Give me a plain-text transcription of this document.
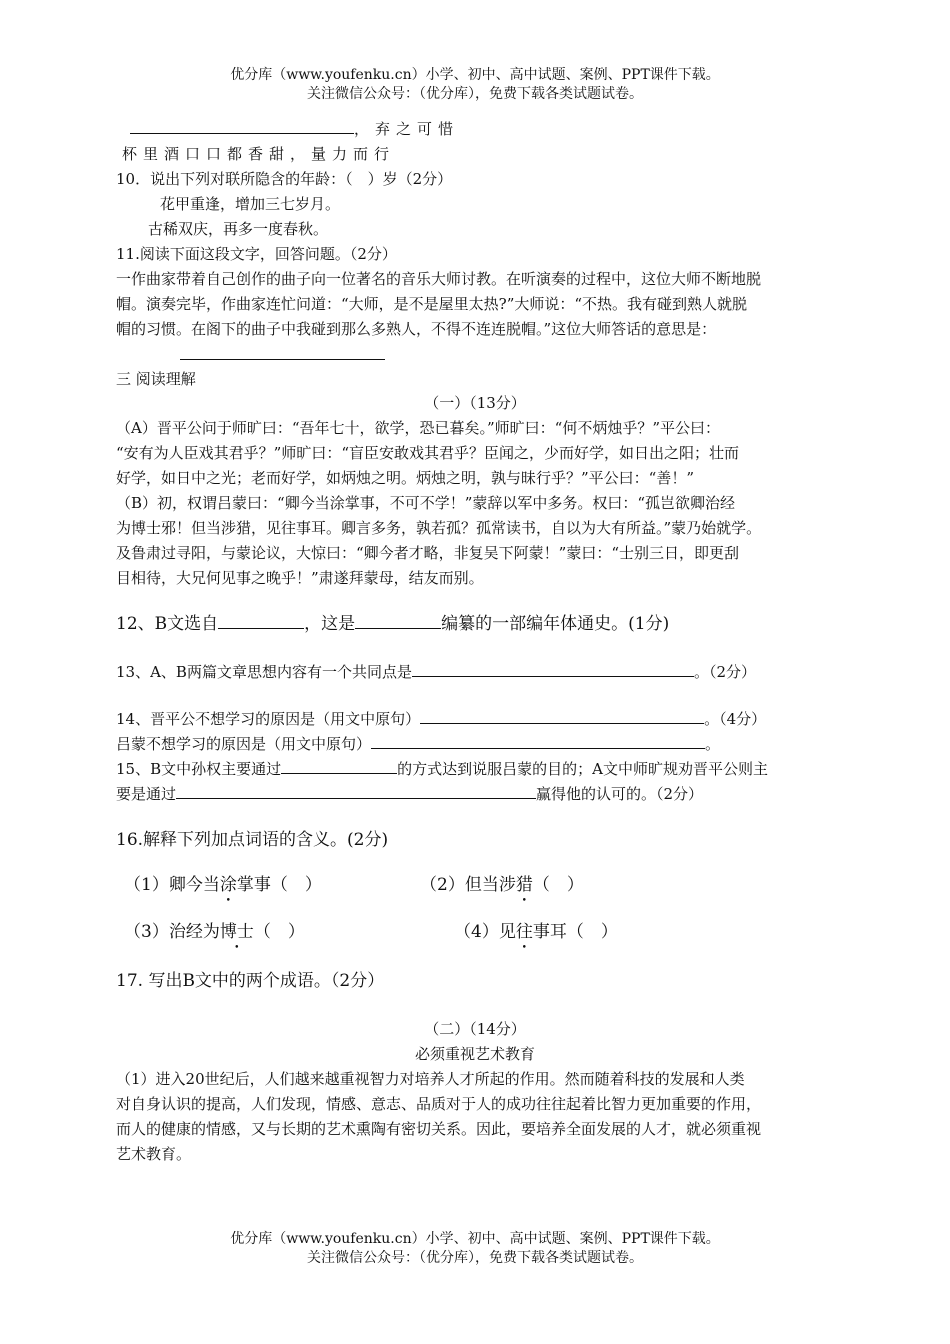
优分库（www.youfenku.cn）小学、初中、高中试题、案例、PPT课件下载。
关注微信公众号：（优分库），免费下载各类试题试卷。
，弃之可惜
杯里酒口口都香甜，量力而行
10．说出下列对联所隐含的年龄：（　）岁（2分）
花甲重逢，增加三七岁月。
古稀双庆，再多一度春秋。
11.阅读下面这段文字，回答问题。（2分）
一作曲家带着自己创作的曲子向一位著名的音乐大师讨教。在听演奏的过程中，这位大师不断地脱
帽。演奏完毕，作曲家连忙问道：“大师，是不是屋里太热?”大师说：“不热。我有碰到熟人就脱
帽的习惯。在阁下的曲子中我碰到那么多熟人，不得不连连脱帽。”这位大师答话的意思是：
三 阅读理解
（一）（13分）
（A）晋平公问于师旷曰：“吾年七十，欲学，恐已暮矣。”师旷曰：“何不炳烛乎？”平公曰：
“安有为人臣戏其君乎？”师旷曰：“盲臣安敢戏其君乎？臣闻之，少而好学，如日出之阳；壮而
好学，如日中之光；老而好学，如炳烛之明。炳烛之明，孰与昧行乎？”平公曰：“善！”
（B）初，权谓吕蒙曰：“卿今当涂掌事，不可不学！”蒙辞以军中多务。权曰：“孤岂欲卿治经
为博士邪！但当涉猎，见往事耳。卿言多务，孰若孤？孤常读书，自以为大有所益。”蒙乃始就学。
及鲁肃过寻阳，与蒙论议，大惊曰：“卿今者才略，非复吴下阿蒙！”蒙曰：“士别三日，即更刮
目相待，大兄何见事之晚乎！”肃遂拜蒙母，结友而别。
12、B文选自	，这是	编纂的一部编年体通史。(1分)
13、A、B两篇文章思想内容有一个共同点是	。（2分）
14、晋平公不想学习的原因是（用文中原句）	。（4分）
吕蒙不想学习的原因是（用文中原句）	。
15、B文中孙权主要通过	的方式达到说服吕蒙的目的；A文中师旷规劝晋平公则主
要是通过	赢得他的认可的。（2分）
16.解释下列加点词语的含义。(2分)
（1）卿今当涂掌事（　）	（2）但当涉猎（　）
（3）治经为博士（　）	（4）见往事耳（　）
17. 写出B文中的两个成语。（2分）
（二）（14分）
必须重视艺术教育
（1）进入20世纪后，人们越来越重视智力对培养人才所起的作用。然而随着科技的发展和人类
对自身认识的提高，人们发现，情感、意志、品质对于人的成功往往起着比智力更加重要的作用，
而人的健康的情感，又与长期的艺术熏陶有密切关系。因此，要培养全面发展的人才，就必须重视
艺术教育。
优分库（www.youfenku.cn）小学、初中、高中试题、案例、PPT课件下载。
关注微信公众号：（优分库），免费下载各类试题试卷。
